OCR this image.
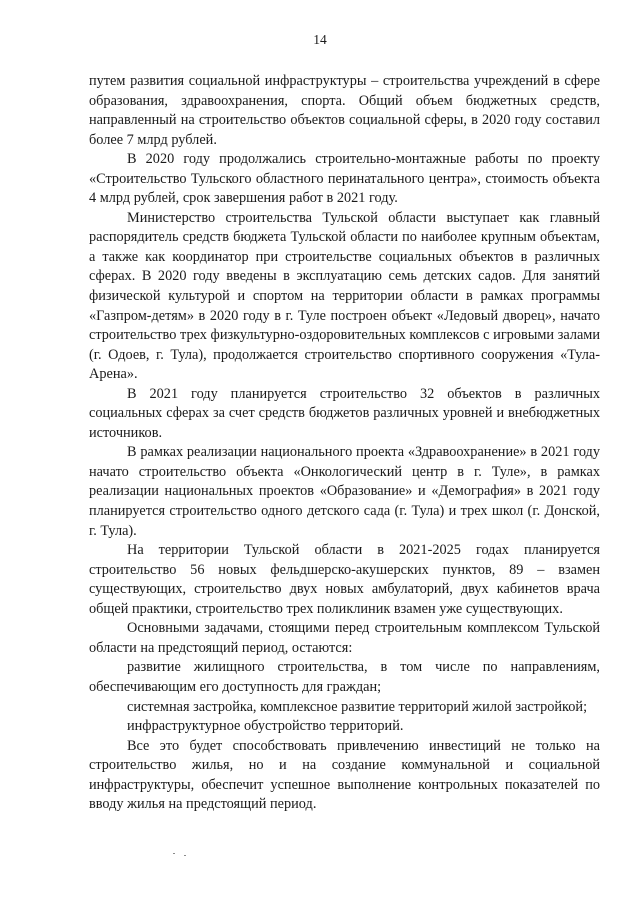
14

путем развития социальной инфраструктуры – строительства учреждений в сфере образования, здравоохранения, спорта. Общий объем бюджетных средств, направленный на строительство объектов социальной сферы, в 2020 году составил более 7 млрд рублей.

В 2020 году продолжались строительно-монтажные работы по проекту «Строительство Тульского областного перинатального центра», стоимость объекта 4 млрд рублей, срок завершения работ в 2021 году.

Министерство строительства Тульской области выступает как главный распорядитель средств бюджета Тульской области по наиболее крупным объектам, а также как координатор при строительстве социальных объектов в различных сферах. В 2020 году введены в эксплуатацию семь детских садов. Для занятий физической культурой и спортом на территории области в рамках программы «Газпром-детям» в 2020 году в г. Туле построен объект «Ледовый дворец», начато строительство трех физкультурно-оздоровительных комплексов с игровыми залами (г. Одоев, г. Тула), продолжается строительство спортивного сооружения «Тула-Арена».

В 2021 году планируется строительство 32 объектов в различных социальных сферах за счет средств бюджетов различных уровней и внебюджетных источников.

В рамках реализации национального проекта «Здравоохранение» в 2021 году начато строительство объекта «Онкологический центр в г. Туле», в рамках реализации национальных проектов «Образование» и «Демография» в 2021 году планируется строительство одного детского сада (г. Тула) и трех школ (г. Донской, г. Тула).

На территории Тульской области в 2021-2025 годах планируется строительство 56 новых фельдшерско-акушерских пунктов, 89 – взамен существующих, строительство двух новых амбулаторий, двух кабинетов врача общей практики, строительство трех поликлиник взамен уже существующих.

Основными задачами, стоящими перед строительным комплексом Тульской области на предстоящий период, остаются:

развитие жилищного строительства, в том числе по направлениям, обеспечивающим его доступность для граждан;

системная застройка, комплексное развитие территорий жилой застройкой;

инфраструктурное обустройство территорий.

Все это будет способствовать привлечению инвестиций не только на строительство жилья, но и на создание коммунальной и социальной инфраструктуры, обеспечит успешное выполнение контрольных показателей по вводу жилья на предстоящий период.
